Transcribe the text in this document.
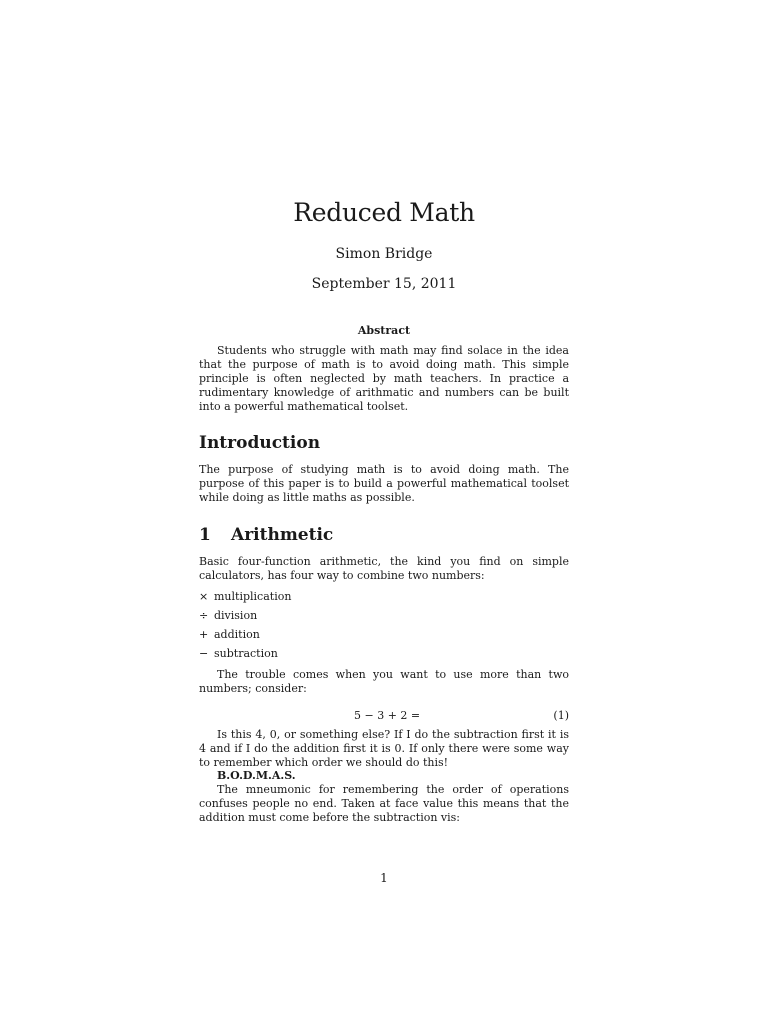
Reduced Math
Simon Bridge
September 15, 2011
Abstract
Students who struggle with math may find solace in the idea that the purpose of math is to avoid doing math. This simple principle is often neglected by math teachers. In practice a rudimentary knowledge of arithmatic and numbers can be built into a powerful mathematical toolset.
Introduction
The purpose of studying math is to avoid doing math. The purpose of this paper is to build a powerful mathematical toolset while doing as little maths as possible.
1 Arithmetic
Basic four-function arithmetic, the kind you find on simple calculators, has four way to combine two numbers:
× multiplication
÷ division
+ addition
− subtraction
The trouble comes when you want to use more than two numbers; consider:
5 − 3 + 2 =	(1)
Is this 4, 0, or something else? If I do the subtraction first it is 4 and if I do the addition first it is 0. If only there were some way to remember which order we should do this!
B.O.D.M.A.S.
The mneumonic for remembering the order of operations confuses people no end. Taken at face value this means that the addition must come before the subtraction vis:
1
